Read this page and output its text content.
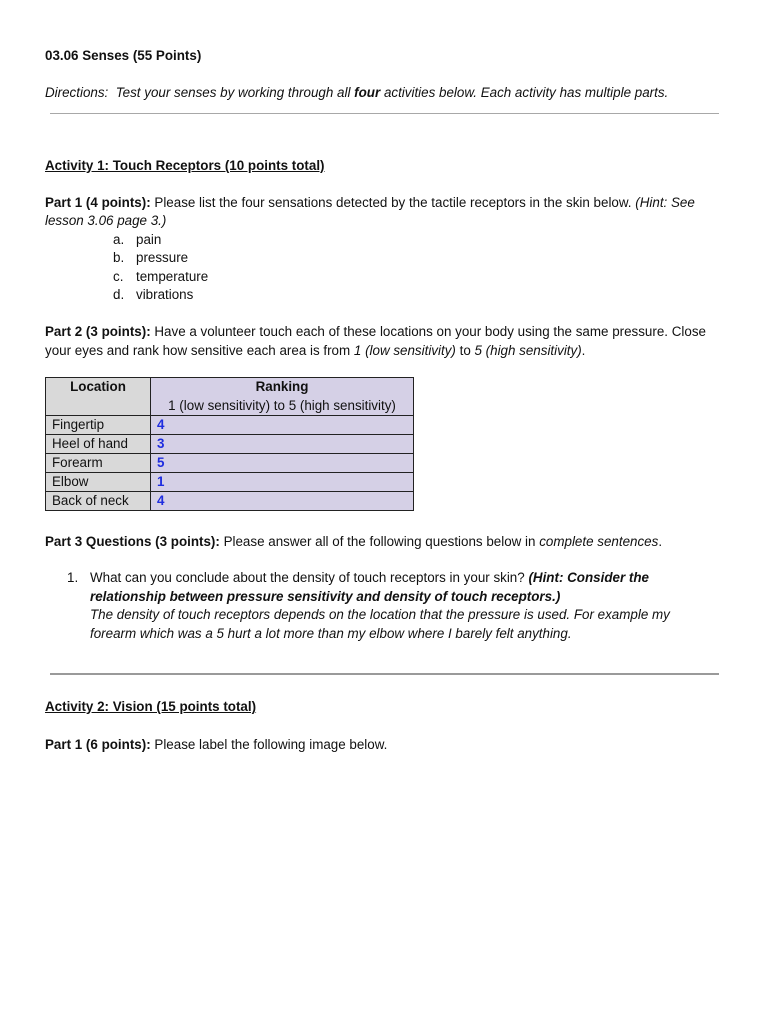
03.06 Senses (55 Points)
Directions: Test your senses by working through all four activities below. Each activity has multiple parts.
Activity 1: Touch Receptors (10 points total)
Part 1 (4 points): Please list the four sensations detected by the tactile receptors in the skin below. (Hint: See
lesson 3.06 page 3.)
a. pain
b. pressure
c. temperature
d. vibrations
Part 2 (3 points): Have a volunteer touch each of these locations on your body using the same pressure. Close
your eyes and rank how sensitive each area is from 1 (low sensitivity) to 5 (high sensitivity).
Location	Ranking
1 (low sensitivity) to 5 (high sensitivity)
Fingertip	4
Heel of hand	3
Forearm	5
Elbow	1
Back of neck	4
Part 3 Questions (3 points): Please answer all of the following questions below in complete sentences.
1. What can you conclude about the density of touch receptors in your skin? (Hint: Consider the
relationship between pressure sensitivity and density of touch receptors.)
The density of touch receptors depends on the location that the pressure is used. For example my
forearm which was a 5 hurt a lot more than my elbow where I barely felt anything.
Activity 2: Vision (15 points total)
Part 1 (6 points): Please label the following image below.
